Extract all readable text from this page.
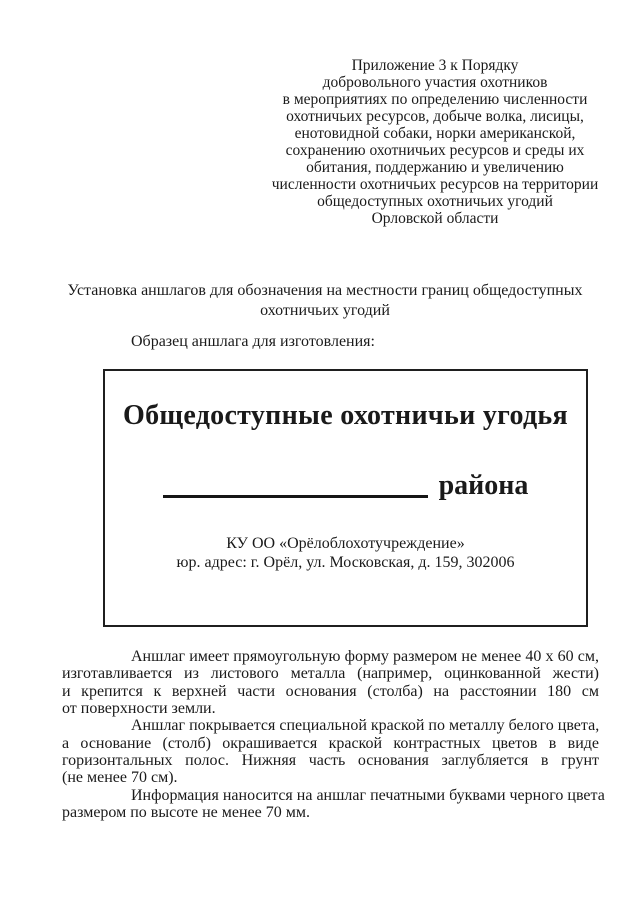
Приложение 3 к Порядку
добровольного участия охотников
в мероприятиях по определению численности
охотничьих ресурсов, добыче волка, лисицы,
енотовидной собаки, норки американской,
сохранению охотничьих ресурсов и среды их
обитания, поддержанию и увеличению
численности охотничьих ресурсов на территории
общедоступных охотничьих угодий
Орловской области
Установка аншлагов для обозначения на местности границ общедоступных охотничьих угодий
Образец аншлага для изготовления:
Общедоступные охотничьи угодья
района
КУ ОО «Орёлоблохотучреждение»
юр. адрес: г. Орёл, ул. Московская, д. 159, 302006
Аншлаг имеет прямоугольную форму размером не менее 40 х 60 см,
изготавливается из листового металла (например, оцинкованной жести)
и крепится к верхней части основания (столба) на расстоянии 180 см
от поверхности земли.
Аншлаг покрывается специальной краской по металлу белого цвета,
а основание (столб) окрашивается краской контрастных цветов в виде
горизонтальных полос. Нижняя часть основания заглубляется в грунт
(не менее 70 см).
Информация наносится на аншлаг печатными буквами черного цвета
размером по высоте не менее 70 мм.
